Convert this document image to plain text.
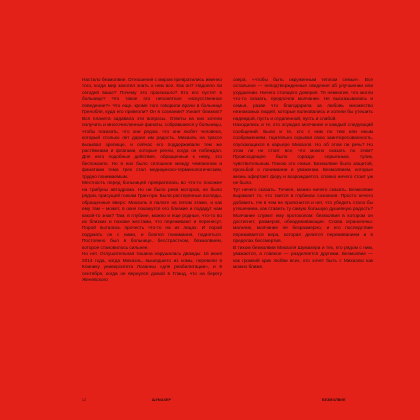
Настало безмолвие. Отношения с миром превратились именно того, когда мир захотел знать о нем все. Как он? Надоело ли сегодня ваше? Почему это произошло? Кто его пустят в больнице? Что такое это непонятное «искусственное поведение?» Что еще, кроме того говорили врачи в больнице Гренобля, куда его привезли? Он в сознании? Узнает близких? Вся планета задавала эти вопросы. Ответы на них хотели получить и многочисленные фанаты, собравшиеся у больницы, чтобы показать, что они рядом, что они любят человека, который столько лет дарил им радость. Михаэль на трассе вызывал зрелище, и сейчас его поддерживали тем же растяжками и флагами, которые реяли, когда он побеждал. Для него подобные действия, обращенные к нему, это беспокоило. Но в них было сплошное между чемпионом и фанатами тема трех стал медицинско-терминологическим, трудно понимаемым.

Местность перед больницей превратилась во что-то похожее на трибуны автодрома. Но ни было рева моторов, не было рядом, присущей гонкам Гран-при. Были растерянные взгляды, обращенные вверх: Михаэль в палате на пятом этаже, и как ему там – может, в окне покажутся его близкие и подадут нам какой-то знак? Там, в глубине, можно и еще родные, что-то во их близких и похоже жестами, что переживают и перенесут. Порой пытались прочесть что-то на их лицах. И порой подумать он с ними, и боялся понимания, подняться. Постоянно был в больнице, бесстрастном, безмолвием, которое становилось сильнее.

Но нет. Оглушительная тишина нарушалась дважды: 16 июня 2014 года, когда Михаэль, вышедшего из комы, перевели в Клинику университета Лозанны «для реабилитации», и 9 сентября, когда он вернулся домой в Гланд, что на берегу Женевского

озера, «чтобы быть окруженным теплом семьи». Все остальное — неподтвержденные сведения об улучшении или ухудшении. Ничего стоящего доверия. Те немногие, что могли что-то сказать, предпочли молчание. Не высказывались и семья, разве что благодарила за любовь множество незнакомых людей, которые волновались и хотели бы утешить надеждой, пусть и отдаленной, пусть и слабой.

Находились и те, кто осуждал молчание и каждый следующий сообщений. Были и те, кто с ним по тем или иным соображениям, тщательно скрывая свою заинтересованность, спускающихся в карьере Михаэля. Но об этом ли речь? Но этом ли не стоит все, что можно сказать по этим? Происходящее было гораздо серьезным, тупик, чувствительным. Покою это семья. Безмолвие было защитой, просьбой о понимании и уважении. Безмолвием, которые жизнь офертает фору и возрождается, словно ничего стоит уж не было.

Тут нечего сказать. Точнее, можно ничего сказать. Безмолвие выражает то, что таится в глубинах сознания. Просто нечего добавить. Не в чем не прояснится и нет, что убедить стало бы утешением, как ставить ту самую большую душевную радость? Молчание служит ему протоколом: безмолвия в котором он достигнет, размеров, обнадеживающие. Слова ограничены: мальчик, молчание не безразмерно, и его последствие переживается вера, которая делится переживанием и в пределах бессмертия.

В тихом безмолвии Михаэля Шумахера и тех, кто рядом с ним, уважается, а главное — разделяется другими. Безмолвие — как громкий крик любви всех, кто хочет быть с Михаэлю как можно ближе.

12	ШУМАХЕР	БЕЗМОЛВИЕ
